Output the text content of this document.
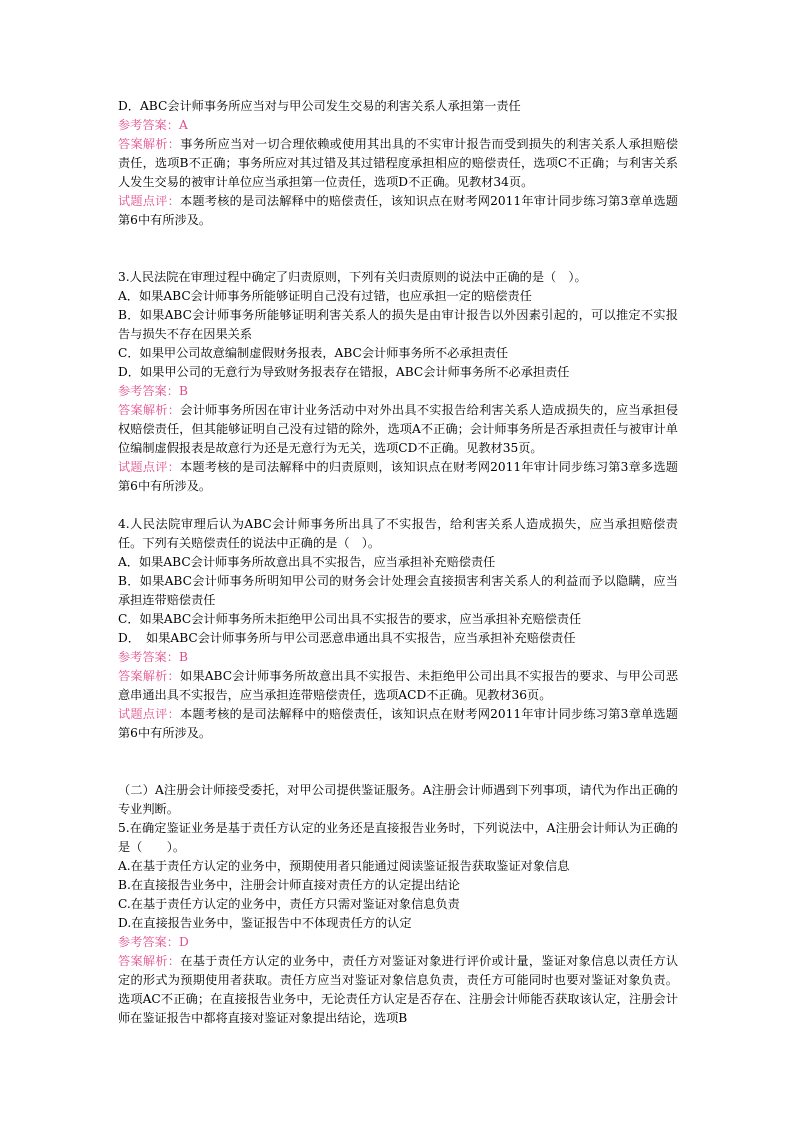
D．ABC会计师事务所应当对与甲公司发生交易的利害关系人承担第一责任

参考答案：A

答案解析：事务所应当对一切合理依赖或使用其出具的不实审计报告而受到损失的利害关系人承担赔偿责任，选项B不正确；事务所应对其过错及其过错程度承担相应的赔偿责任，选项C不正确；与利害关系人发生交易的被审计单位应当承担第一位责任，选项D不正确。见教材34页。

试题点评：本题考核的是司法解释中的赔偿责任，该知识点在财考网2011年审计同步练习第3章单选题第6中有所涉及。

3.人民法院在审理过程中确定了归责原则，下列有关归责原则的说法中正确的是（　）。

A．如果ABC会计师事务所能够证明自己没有过错，也应承担一定的赔偿责任

B．如果ABC会计师事务所能够证明利害关系人的损失是由审计报告以外因素引起的，可以推定不实报告与损失不存在因果关系

C．如果甲公司故意编制虚假财务报表，ABC会计师事务所不必承担责任

D．如果甲公司的无意行为导致财务报表存在错报，ABC会计师事务所不必承担责任

参考答案：B

答案解析：会计师事务所因在审计业务活动中对外出具不实报告给利害关系人造成损失的，应当承担侵权赔偿责任，但其能够证明自己没有过错的除外，选项A不正确；会计师事务所是否承担责任与被审计单位编制虚假报表是故意行为还是无意行为无关，选项CD不正确。见教材35页。

试题点评：本题考核的是司法解释中的归责原则，该知识点在财考网2011年审计同步练习第3章多选题第6中有所涉及。

4.人民法院审理后认为ABC会计师事务所出具了不实报告，给利害关系人造成损失，应当承担赔偿责任。下列有关赔偿责任的说法中正确的是（　）。

A．如果ABC会计师事务所故意出具不实报告，应当承担补充赔偿责任

B．如果ABC会计师事务所明知甲公司的财务会计处理会直接损害利害关系人的利益而予以隐瞒，应当承担连带赔偿责任

C．如果ABC会计师事务所未拒绝甲公司出具不实报告的要求，应当承担补充赔偿责任

D．　如果ABC会计师事务所与甲公司恶意串通出具不实报告，应当承担补充赔偿责任

参考答案：B

答案解析：如果ABC会计师事务所故意出具不实报告、未拒绝甲公司出具不实报告的要求、与甲公司恶意串通出具不实报告，应当承担连带赔偿责任，选项ACD不正确。见教材36页。

试题点评：本题考核的是司法解释中的赔偿责任，该知识点在财考网2011年审计同步练习第3章单选题第6中有所涉及。

（二）A注册会计师接受委托，对甲公司提供鉴证服务。A注册会计师遇到下列事项，请代为作出正确的专业判断。

5.在确定鉴证业务是基于责任方认定的业务还是直接报告业务时，下列说法中，A注册会计师认为正确的是（　　）。

A.在基于责任方认定的业务中，预期使用者只能通过阅读鉴证报告获取鉴证对象信息

B.在直接报告业务中，注册会计师直接对责任方的认定提出结论

C.在基于责任方认定的业务中，责任方只需对鉴证对象信息负责

D.在直接报告业务中，鉴证报告中不体现责任方的认定

参考答案：D

答案解析：在基于责任方认定的业务中，责任方对鉴证对象进行评价或计量，鉴证对象信息以责任方认定的形式为预期使用者获取。责任方应当对鉴证对象信息负责，责任方可能同时也要对鉴证对象负责。选项AC不正确；在直接报告业务中，无论责任方认定是否存在、注册会计师能否获取该认定，注册会计师在鉴证报告中都将直接对鉴证对象提出结论，选项B
